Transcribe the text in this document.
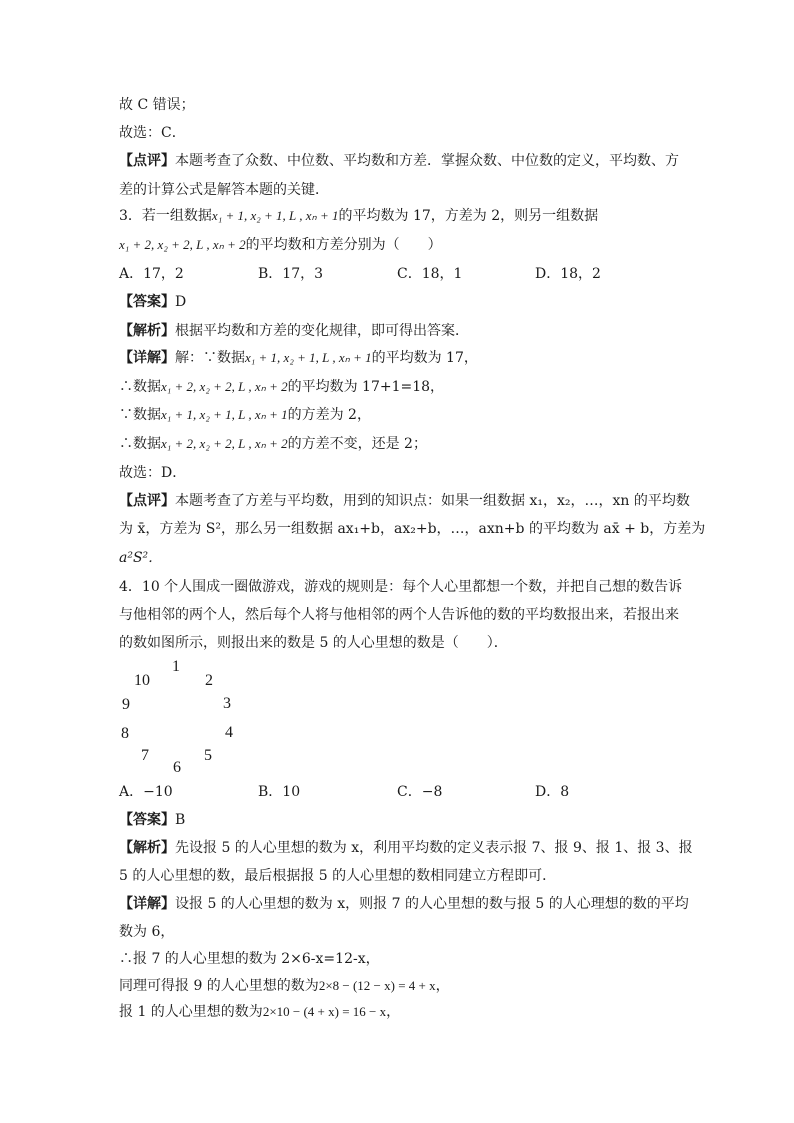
故 C 错误；
故选：C．
【点评】本题考查了众数、中位数、平均数和方差．掌握众数、中位数的定义，平均数、方
差的计算公式是解答本题的关键．
3．若一组数据x₁ + 1, x₂ + 1, L , xₙ + 1的平均数为 17，方差为 2，则另一组数据
x₁ + 2, x₂ + 2, L , xₙ + 2的平均数和方差分别为（　　）
A．17，2	B．17，3	C．18，1	D．18，2
【答案】D
【解析】根据平均数和方差的变化规律，即可得出答案．
【详解】解：∵数据x₁ + 1, x₂ + 1, L , xₙ + 1的平均数为 17，
∴数据x₁ + 2, x₂ + 2, L , xₙ + 2的平均数为 17+1=18，
∵数据x₁ + 1, x₂ + 1, L , xₙ + 1的方差为 2，
∴数据x₁ + 2, x₂ + 2, L , xₙ + 2的方差不变，还是 2；
故选：D．
【点评】本题考查了方差与平均数，用到的知识点：如果一组数据 x₁，x₂，…，xn 的平均数
为 x̄，方差为 S²，那么另一组数据 ax₁+b，ax₂+b，…，axn+b 的平均数为 ax̄ + b，方差为
a²S²．
4．10 个人围成一圈做游戏，游戏的规则是：每个人心里都想一个数，并把自己想的数告诉
与他相邻的两个人，然后每个人将与他相邻的两个人告诉他的数的平均数报出来，若报出来
的数如图所示，则报出来的数是 5 的人心里想的数是（　　）．
1
2
3
4
5
6
7
8
9
10
A．−10	B．10	C．−8	D．8
【答案】B
【解析】先设报 5 的人心里想的数为 x，利用平均数的定义表示报 7、报 9、报 1、报 3、报
5 的人心里想的数，最后根据报 5 的人心里想的数相同建立方程即可．
【详解】设报 5 的人心里想的数为 x，则报 7 的人心里想的数与报 5 的人心理想的数的平均
数为 6，
∴报 7 的人心里想的数为 2×6-x=12-x，
同理可得报 9 的人心里想的数为2×8 − (12 − x) = 4 + x，
报 1 的人心里想的数为2×10 − (4 + x) = 16 − x，
